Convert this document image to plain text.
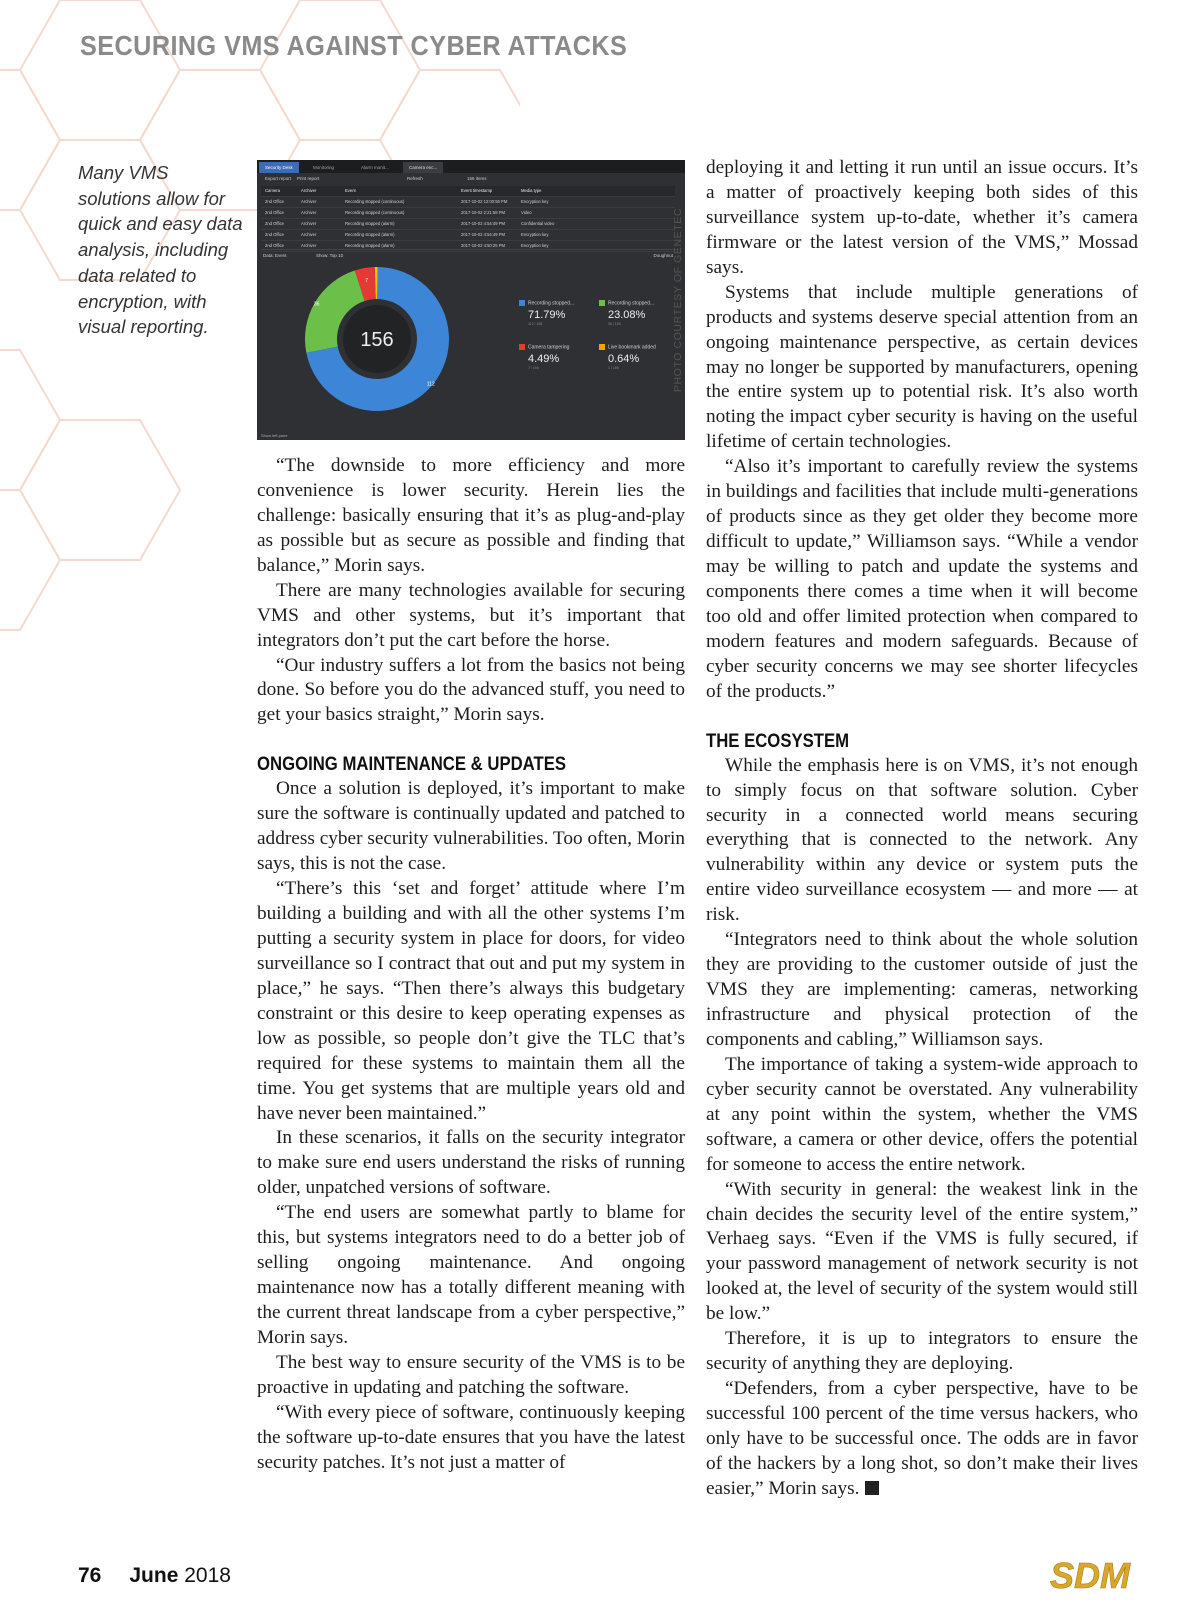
SECURING VMS AGAINST CYBER ATTACKS
Many VMS solutions allow for quick and easy data analysis, including data related to encryption, with visual reporting.
Security Desk	Monitoring	Alarm monit...	Camera enc...
Export report Print report	Refresh	156 items
Camera	Archiver	Event	Event timestamp	Media type
2nd Office	Archiver	Recording stopped (continuous)	2017-10-02 12:00:56 PM	Encryption key
2nd Office	Archiver	Recording stopped (continuous)	2017-10-02 2:21:58 PM	Video
2nd Office	Archiver	Recording stopped (alarm)	2017-10-02 4:54:49 PM	Confidential video
2nd Office	Archiver	Recording stopped (alarm)	2017-10-02 4:54:49 PM	Encryption key
2nd Office	Archiver	Recording stopped (alarm)	2017-10-02 4:50:25 PM	Encryption key
Data: Event	Show: Top 10	Doughnut
156
112
36
7
Recording stopped...
71.79%
112 / 156
Recording stopped...
23.08%
36 / 156
Camera tampering
4.49%
7 / 156
Live bookmark added
0.64%
1 / 156
Show left pane
PHOTO COURTESY OF GENETEC

“The downside to more efficiency and more convenience is lower security. Herein lies the challenge: basically ensuring that it’s as plug-and-play as possible but as secure as possible and finding that balance,” Morin says.

There are many technologies available for securing VMS and other systems, but it’s important that integrators don’t put the cart before the horse.

“Our industry suffers a lot from the basics not being done. So before you do the advanced stuff, you need to get your basics straight,” Morin says.

ONGOING MAINTENANCE & UPDATES

Once a solution is deployed, it’s important to make sure the software is continually updated and patched to address cyber security vulnerabilities. Too often, Morin says, this is not the case.

“There’s this ‘set and forget’ attitude where I’m building a building and with all the other systems I’m putting a security system in place for doors, for video surveillance so I contract that out and put my system in place,” he says. “Then there’s always this budgetary constraint or this desire to keep operating expenses as low as possible, so people don’t give the TLC that’s required for these systems to maintain them all the time. You get systems that are multiple years old and have never been maintained.”

In these scenarios, it falls on the security integrator to make sure end users understand the risks of running older, unpatched versions of software.

“The end users are somewhat partly to blame for this, but systems integrators need to do a better job of selling ongoing maintenance. And ongoing maintenance now has a totally different meaning with the current threat landscape from a cyber perspective,” Morin says.

The best way to ensure security of the VMS is to be proactive in updating and patching the software.

“With every piece of software, continuously keeping the software up-to-date ensures that you have the latest security patches. It’s not just a matter of

deploying it and letting it run until an issue occurs. It’s a matter of proactively keeping both sides of this surveillance system up-to-date, whether it’s camera firmware or the latest version of the VMS,” Mossad says.

Systems that include multiple generations of products and systems deserve special attention from an ongoing maintenance perspective, as certain devices may no longer be supported by manufacturers, opening the entire system up to potential risk. It’s also worth noting the impact cyber security is having on the useful lifetime of certain technologies.

“Also it’s important to carefully review the systems in buildings and facilities that include multi-generations of products since as they get older they become more difficult to update,” Williamson says. “While a vendor may be willing to patch and update the systems and components there comes a time when it will become too old and offer limited protection when compared to modern features and modern safeguards. Because of cyber security concerns we may see shorter lifecycles of the products.”

THE ECOSYSTEM

While the emphasis here is on VMS, it’s not enough to simply focus on that software solution. Cyber security in a connected world means securing everything that is connected to the network. Any vulnerability within any device or system puts the entire video surveillance ecosystem — and more — at risk.

“Integrators need to think about the whole solution they are providing to the customer outside of just the VMS they are implementing: cameras, networking infrastructure and physical protection of the components and cabling,” Williamson says.

The importance of taking a system-wide approach to cyber security cannot be overstated. Any vulnerability at any point within the system, whether the VMS software, a camera or other device, offers the potential for someone to access the entire network.

“With security in general: the weakest link in the chain decides the security level of the entire system,” Verhaeg says. “Even if the VMS is fully secured, if your password management of network security is not looked at, the level of security of the system would still be low.”

Therefore, it is up to integrators to ensure the security of anything they are deploying.

“Defenders, from a cyber perspective, have to be successful 100 percent of the time versus hackers, who only have to be successful once. The odds are in favor of the hackers by a long shot, so don’t make their lives easier,” Morin says.

76 June 2018	SDM
